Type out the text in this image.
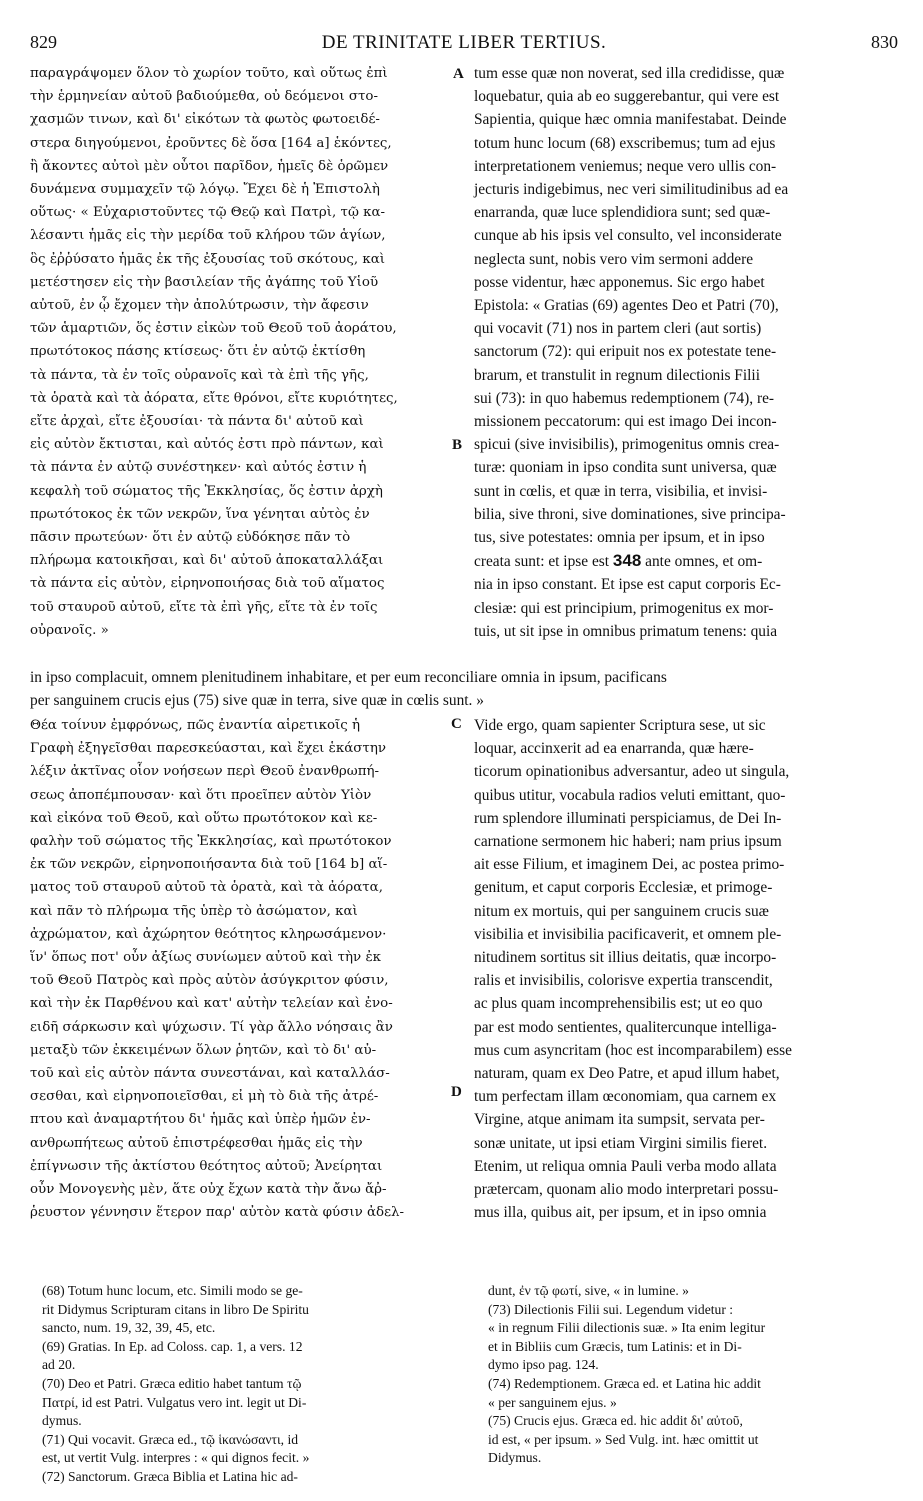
829	DE TRINITATE LIBER TERTIUS.	830

παραγράψομεν ὅλον τὸ χωρίον τοῦτο, καὶ οὕτως ἐπὶ

τὴν ἑρμηνείαν αὐτοῦ βαδιούμεθα, οὐ δεόμενοι στο-

χασμῶν τινων, καὶ δι' εἰκότων τὰ φωτὸς φωτοειδέ-

στερα διηγούμενοι, ἐροῦντες δὲ ὅσα [164 a] ἑκόντες,

ἢ ἄκοντες αὐτοὶ μὲν οὗτοι παρῖδον, ἡμεῖς δὲ ὁρῶμεν

δυνάμενα συμμαχεῖν τῷ λόγῳ. Ἔχει δὲ ἡ Ἐπιστολὴ

οὕτως· « Εὐχαριστοῦντες τῷ Θεῷ καὶ Πατρὶ, τῷ κα-

λέσαντι ἡμᾶς εἰς τὴν μερίδα τοῦ κλήρου τῶν ἁγίων,

ὃς ἐῤῥύσατο ἡμᾶς ἐκ τῆς ἐξουσίας τοῦ σκότους, καὶ

μετέστησεν εἰς τὴν βασιλείαν τῆς ἀγάπης τοῦ Υἱοῦ

αὐτοῦ, ἐν ᾧ ἔχομεν τὴν ἀπολύτρωσιν, τὴν ἄφεσιν

τῶν ἁμαρτιῶν, ὅς ἐστιν εἰκὼν τοῦ Θεοῦ τοῦ ἀοράτου,

πρωτότοκος πάσης κτίσεως· ὅτι ἐν αὐτῷ ἐκτίσθη

τὰ πάντα, τὰ ἐν τοῖς οὐρανοῖς καὶ τὰ ἐπὶ τῆς γῆς,

τὰ ὁρατὰ καὶ τὰ ἀόρατα, εἴτε θρόνοι, εἴτε κυριότητες,

εἴτε ἀρχαὶ, εἴτε ἐξουσίαι· τὰ πάντα δι' αὐτοῦ καὶ

εἰς αὐτὸν ἔκτισται, καὶ αὐτός ἐστι πρὸ πάντων, καὶ

τὰ πάντα ἐν αὐτῷ συνέστηκεν· καὶ αὐτός ἐστιν ἡ

κεφαλὴ τοῦ σώματος τῆς Ἐκκλησίας, ὅς ἐστιν ἀρχὴ

πρωτότοκος ἐκ τῶν νεκρῶν, ἵνα γένηται αὐτὸς ἐν

πᾶσιν πρωτεύων· ὅτι ἐν αὐτῷ εὐδόκησε πᾶν τὸ

πλήρωμα κατοικῆσαι, καὶ δι' αὐτοῦ ἀποκαταλλάξαι

τὰ πάντα εἰς αὐτὸν, εἰρηνοποιήσας διὰ τοῦ αἵματος

τοῦ σταυροῦ αὐτοῦ, εἴτε τὰ ἐπὶ γῆς, εἴτε τὰ ἐν τοῖς

οὐρανοῖς. »

tum esse quæ non noverat, sed illa credidisse, quæ

loquebatur, quia ab eo suggerebantur, qui vere est

Sapientia, quique hæc omnia manifestabat. Deinde

totum hunc locum (68) exscribemus; tum ad ejus

interpretationem veniemus; neque vero ullis con-

jecturis indigebimus, nec veri similitudinibus ad ea

enarranda, quæ luce splendidiora sunt; sed quæ-

cunque ab his ipsis vel consulto, vel inconsiderate

neglecta sunt, nobis vero vim sermoni addere

posse videntur, hæc apponemus. Sic ergo habet

Epistola: « Gratias (69) agentes Deo et Patri (70),

qui vocavit (71) nos in partem cleri (aut sortis)

sanctorum (72): qui eripuit nos ex potestate tene-

brarum, et transtulit in regnum dilectionis Filii

sui (73): in quo habemus redemptionem (74), re-

missionem peccatorum: qui est imago Dei incon-

spicui (sive invisibilis), primogenitus omnis crea-

turæ: quoniam in ipso condita sunt universa, quæ

sunt in cœlis, et quæ in terra, visibilia, et invisi-

bilia, sive throni, sive dominationes, sive principa-

tus, sive potestates: omnia per ipsum, et in ipso

creata sunt: et ipse est 348 ante omnes, et om-

nia in ipso constant. Et ipse est caput corporis Ec-

clesiæ: qui est principium, primogenitus ex mor-

tuis, ut sit ipse in omnibus primatum tenens: quia

A
B

in ipso complacuit, omnem plenitudinem inhabitare, et per eum reconciliare omnia in ipsum, pacificans

per sanguinem crucis ejus (75) sive quæ in terra, sive quæ in cœlis sunt. »

Θέα τοίνυν ἐμφρόνως, πῶς ἐναντία αἱρετικοῖς ἡ

Γραφὴ ἐξηγεῖσθαι παρεσκεύασται, καὶ ἔχει ἑκάστην

λέξιν ἀκτῖνας οἷον νοήσεων περὶ Θεοῦ ἐνανθρωπή-

σεως ἀποπέμπουσαν· καὶ ὅτι προεῖπεν αὐτὸν Υἱὸν

καὶ εἰκόνα τοῦ Θεοῦ, καὶ οὕτω πρωτότοκον καὶ κε-

φαλὴν τοῦ σώματος τῆς Ἐκκλησίας, καὶ πρωτότοκον

ἐκ τῶν νεκρῶν, εἰρηνοποιήσαντα διὰ τοῦ [164 b] αἵ-

ματος τοῦ σταυροῦ αὐτοῦ τὰ ὁρατὰ, καὶ τὰ ἀόρατα,

καὶ πᾶν τὸ πλήρωμα τῆς ὑπὲρ τὸ ἀσώματον, καὶ

ἀχρώματον, καὶ ἀχώρητον θεότητος κληρωσάμενον·

ἵν' ὅπως ποτ' οὖν ἀξίως συνίωμεν αὐτοῦ καὶ τὴν ἐκ

τοῦ Θεοῦ Πατρὸς καὶ πρὸς αὐτὸν ἀσύγκριτον φύσιν,

καὶ τὴν ἐκ Παρθένου καὶ κατ' αὐτὴν τελείαν καὶ ἐνο-

ειδῆ σάρκωσιν καὶ ψύχωσιν. Τί γὰρ ἄλλο νόησαις ἂν

μεταξὺ τῶν ἐκκειμένων ὅλων ῥητῶν, καὶ τὸ δι' αὐ-

τοῦ καὶ εἰς αὐτὸν πάντα συνεστάναι, καὶ καταλλάσ-

σεσθαι, καὶ εἰρηνοποιεῖσθαι, εἰ μὴ τὸ διὰ τῆς ἀτρέ-

πτου καὶ ἀναμαρτήτου δι' ἡμᾶς καὶ ὑπὲρ ἡμῶν ἐν-

ανθρωπήτεως αὐτοῦ ἐπιστρέφεσθαι ἡμᾶς εἰς τὴν

ἐπίγνωσιν τῆς ἀκτίστου θεότητος αὐτοῦ; Ἀνείρηται

οὖν Μονογενὴς μὲν, ἅτε οὐχ ἔχων κατὰ τὴν ἄνω ἄῤ-

ῥευστον γέννησιν ἕτερον παρ' αὐτὸν κατὰ φύσιν ἀδελ-

Vide ergo, quam sapienter Scriptura sese, ut sic

loquar, accinxerit ad ea enarranda, quæ hære-

ticorum opinationibus adversantur, adeo ut singula,

quibus utitur, vocabula radios veluti emittant, quo-

rum splendore illuminati perspiciamus, de Dei In-

carnatione sermonem hic haberi; nam prius ipsum

ait esse Filium, et imaginem Dei, ac postea primo-

genitum, et caput corporis Ecclesiæ, et primoge-

nitum ex mortuis, qui per sanguinem crucis suæ

visibilia et invisibilia pacificaverit, et omnem ple-

nitudinem sortitus sit illius deitatis, quæ incorpo-

ralis et invisibilis, colorisve expertia transcendit,

ac plus quam incomprehensibilis est; ut eo quo

par est modo sentientes, qualitercunque intelliga-

mus cum asyncritam (hoc est incomparabilem) esse

naturam, quam ex Deo Patre, et apud illum habet,

tum perfectam illam œconomiam, qua carnem ex

Virgine, atque animam ita sumpsit, servata per-

sonæ unitate, ut ipsi etiam Virgini similis fieret.

Etenim, ut reliqua omnia Pauli verba modo allata

prætercam, quonam alio modo interpretari possu-

mus illa, quibus ait, per ipsum, et in ipso omnia

C
D

(68) Totum hunc locum, etc. Simili modo se ge-

rit Didymus Scripturam citans in libro De Spiritu

sancto, num. 19, 32, 39, 45, etc.

(69) Gratias. In Ep. ad Coloss. cap. 1, a vers. 12

ad 20.

(70) Deo et Patri. Græca editio habet tantum τῷ

Πατρί, id est Patri. Vulgatus vero int. legit ut Di-

dymus.

(71) Qui vocavit. Græca ed., τῷ ἱκανώσαντι, id

est, ut vertit Vulg. interpres : « qui dignos fecit. »

(72) Sanctorum. Græca Biblia et Latina hic ad-

dunt, ἐν τῷ φωτί, sive, « in lumine. »

(73) Dilectionis Filii sui. Legendum videtur :

« in regnum Filii dilectionis suæ. » Ita enim legitur

et in Bibliis cum Græcis, tum Latinis: et in Di-

dymo ipso pag. 124.

(74) Redemptionem. Græca ed. et Latina hic addit

« per sanguinem ejus. »

(75) Crucis ejus. Græca ed. hic addit δι' αὐτοῦ,

id est, « per ipsum. » Sed Vulg. int. hæc omittit ut

Didymus.
